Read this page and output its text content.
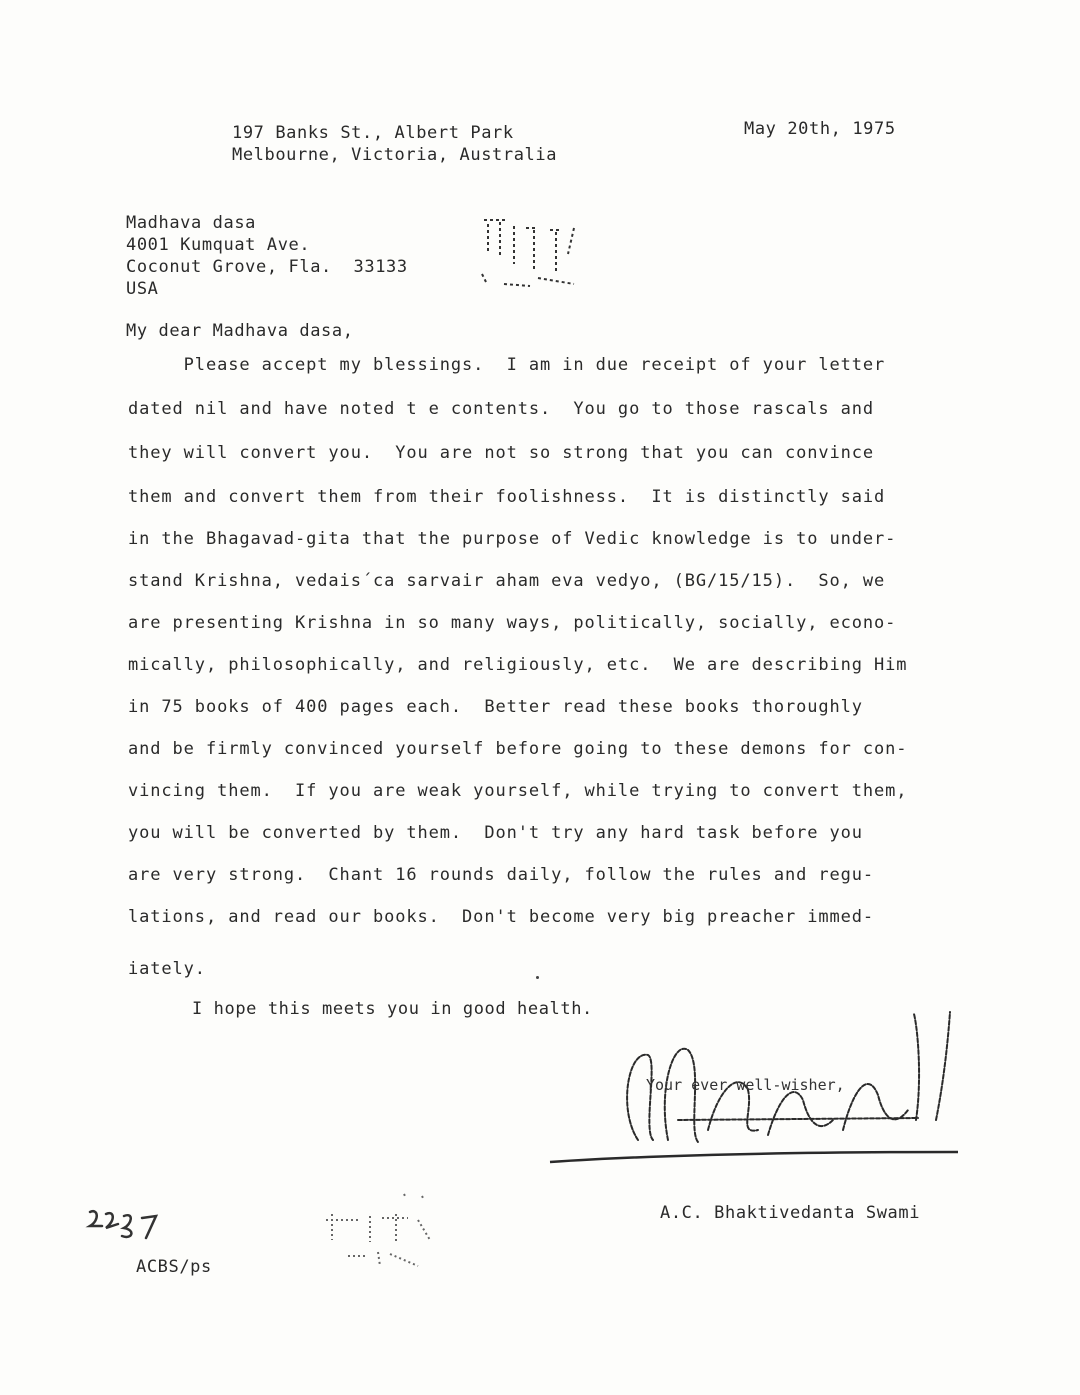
197 Banks St., Albert Park
Melbourne, Victoria, Australia
May 20th, 1975
Madhava dasa
4001 Kumquat Ave.
Coconut Grove, Fla.  33133
USA
ACK 1975
My dear Madhava dasa,
Please accept my blessings.  I am in due receipt of your letter
dated nil and have noted t e contents.  You go to those rascals and
they will convert you.  You are not so strong that you can convince
them and convert them from their foolishness.  It is distinctly said
in the Bhagavad-gita that the purpose of Vedic knowledge is to under-
stand Krishna, vedais´ca sarvair aham eva vedyo, (BG/15/15).  So, we
are presenting Krishna in so many ways, politically, socially, econo-
mically, philosophically, and religiously, etc.  We are describing Him
in 75 books of 400 pages each.  Better read these books thoroughly
and be firmly convinced yourself before going to these demons for con-
vincing them.  If you are weak yourself, while trying to convert them,
you will be converted by them.  Don't try any hard task before you
are very strong.  Chant 16 rounds daily, follow the rules and regu-
lations, and read our books.  Don't become very big preacher immed-
iately.
I hope this meets you in good health.
Your ever well-wisher,
A.C. Bhaktivedanta Swami
ACBS/ps
